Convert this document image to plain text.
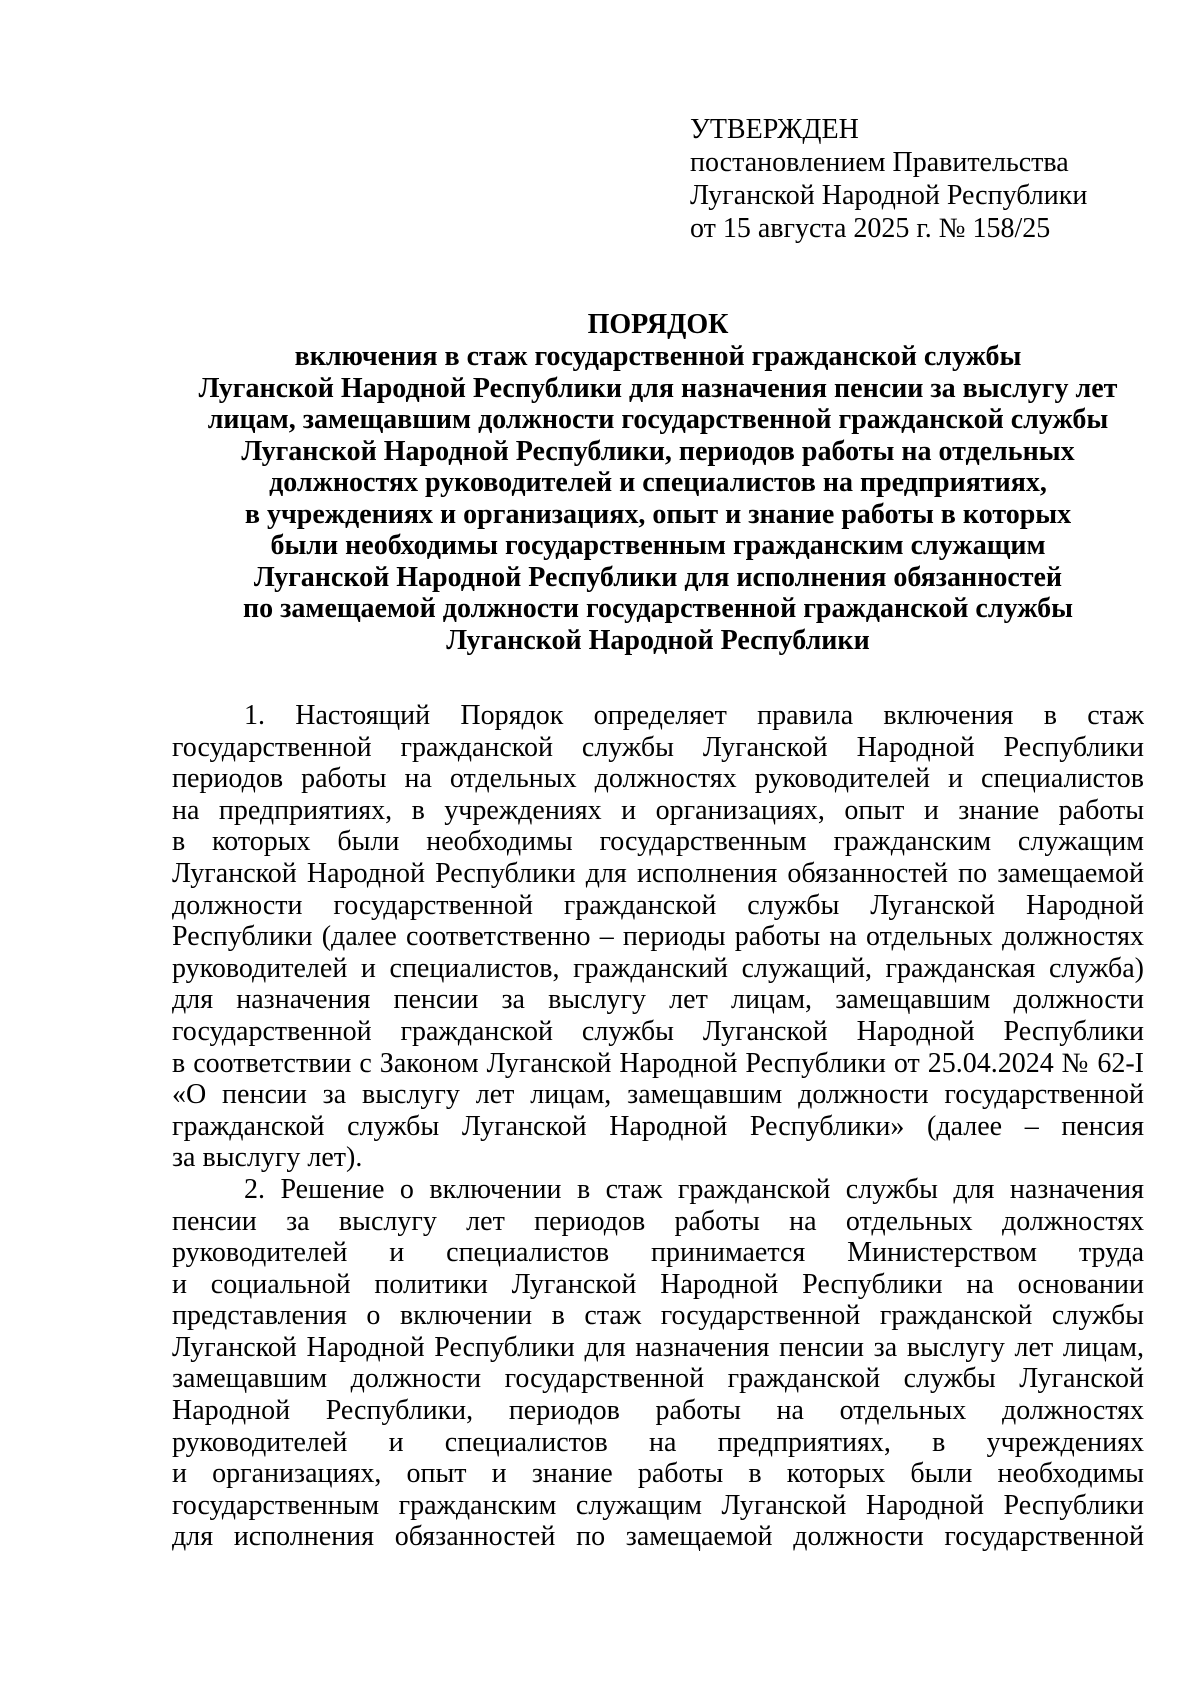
УТВЕРЖДЕН
постановлением Правительства
Луганской Народной Республики
от 15 августа 2025 г. № 158/25
ПОРЯДОК
включения в стаж государственной гражданской службы
Луганской Народной Республики для назначения пенсии за выслугу лет
лицам, замещавшим должности государственной гражданской службы
Луганской Народной Республики, периодов работы на отдельных
должностях руководителей и специалистов на предприятиях,
в учреждениях и организациях, опыт и знание работы в которых
были необходимы государственным гражданским служащим
Луганской Народной Республики для исполнения обязанностей
по замещаемой должности государственной гражданской службы
Луганской Народной Республики
1. Настоящий Порядок определяет правила включения в стаж
государственной гражданской службы Луганской Народной Республики
периодов работы на отдельных должностях руководителей и специалистов
на предприятиях, в учреждениях и организациях, опыт и знание работы
в которых были необходимы государственным гражданским служащим
Луганской Народной Республики для исполнения обязанностей по замещаемой
должности государственной гражданской службы Луганской Народной
Республики (далее соответственно – периоды работы на отдельных должностях
руководителей и специалистов, гражданский служащий, гражданская служба)
для назначения пенсии за выслугу лет лицам, замещавшим должности
государственной гражданской службы Луганской Народной Республики
в соответствии с Законом Луганской Народной Республики от 25.04.2024 № 62-I
«О пенсии за выслугу лет лицам, замещавшим должности государственной
гражданской службы Луганской Народной Республики» (далее – пенсия
за выслугу лет).
2. Решение о включении в стаж гражданской службы для назначения
пенсии за выслугу лет периодов работы на отдельных должностях
руководителей и специалистов принимается Министерством труда
и социальной политики Луганской Народной Республики на основании
представления о включении в стаж государственной гражданской службы
Луганской Народной Республики для назначения пенсии за выслугу лет лицам,
замещавшим должности государственной гражданской службы Луганской
Народной Республики, периодов работы на отдельных должностях
руководителей и специалистов на предприятиях, в учреждениях
и организациях, опыт и знание работы в которых были необходимы
государственным гражданским служащим Луганской Народной Республики
для исполнения обязанностей по замещаемой должности государственной
